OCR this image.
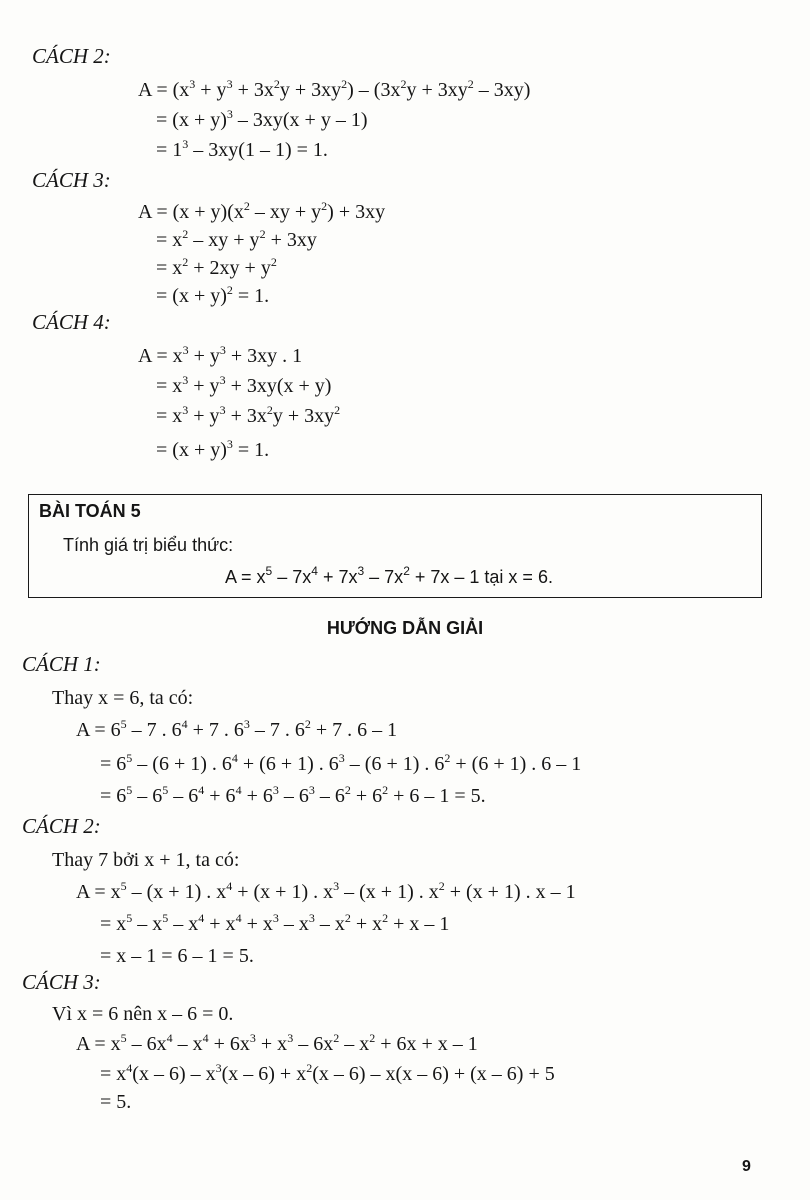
CÁCH 2:
$A = (x^3 + y^3 + 3x^2y + 3xy^2) - (3x^2y + 3xy^2 - 3xy)$
= $(x + y)^3 - 3xy(x + y - 1)$
= $1^3 - 3xy(1 - 1) = 1$.
CÁCH 3:
$A = (x + y)(x^2$ – xy + $y^2) + 3xy$
= $x^2$ – xy + $y^2 + 3xy$
= $x^2 + 2xy + y^2$
= $(x + y)^2 = 1$.
CÁCH 4:
$A = x^3 + y^3 + 3xy$ . 1
= $x^3 + y^3 + 3xy(x + y)$
= $x^3 + y^3 + 3x^2y + 3xy^2$
= $(x + y)^3 = 1$.
BÀI TOÁN 5
Tính giá trị biểu thức:
$A = x^5 - 7x^4 + 7x^3 - 7x^2 + 7x - 1$ tại x = 6.
HƯỚNG DẪN GIẢI
CÁCH 1:
Thay x = 6, ta có:
$A = 6^5 - 7$ . $6^4 + 7$ . $6^3 - 7$ . $6^2 + 7$ . 6 – 1
= $6^5 - (6 + 1)$ . $6^4 + (6 + 1)$ . $6^3 - (6 + 1)$ . $6^2 + (6 + 1)$ . 6 – 1
= $6^5 - 6^5 - 6^4 + 6^4 + 6^3 - 6^3 - 6^2 + 6^2 + 6 - 1 = 5$.
CÁCH 2:
Thay 7 bởi x + 1, ta có:
$A = x^5 - (x + 1)$ . $x^4 + (x + 1)$ . $x^3 - (x + 1)$ . $x^2 + (x + 1)$ . x – 1
= $x^5 - x^5 - x^4 + x^4 + x^3 - x^3 - x^2 + x^2 + x - 1$
= x – 1 = 6 – 1 = 5.
CÁCH 3:
Vì x = 6 nên x – 6 = 0.
$A = x^5 - 6x^4 - x^4 + 6x^3 + x^3 - 6x^2 - x^2 + 6x + x - 1$
= $x^4(x - 6) - x^3(x - 6) + x^2(x - 6) - x(x - 6) + (x - 6) + 5$
= 5.
9
